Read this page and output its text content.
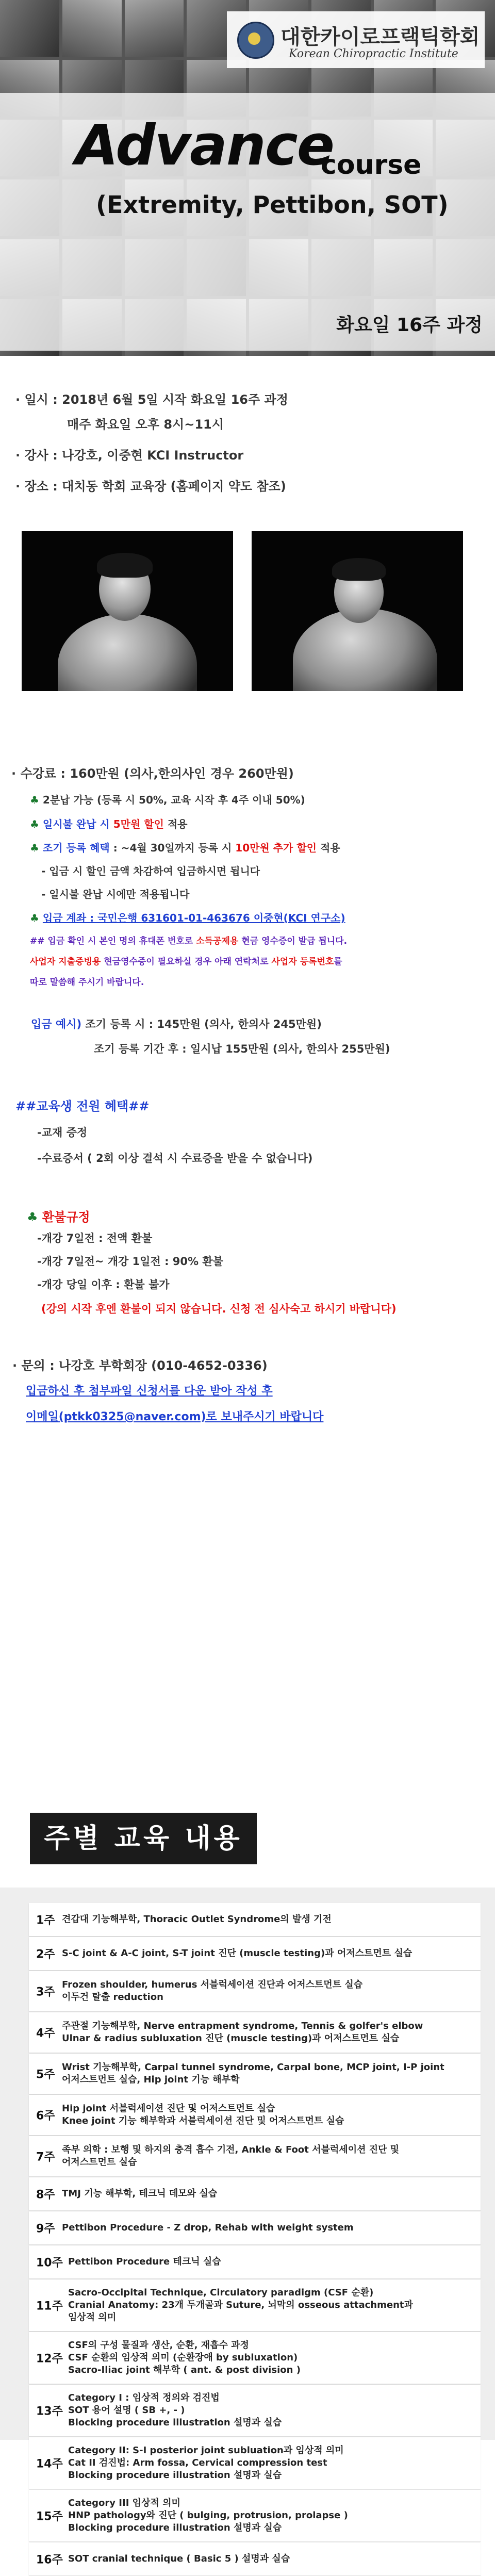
대한카이로프랙틱학회
Korean Chiropractic Institute
Advance
course
(Extremity, Pettibon, SOT)
화요일 16주 과정
· 일시 : 2018년 6월 5일 시작 화요일 16주 과정
매주 화요일 오후 8시~11시
· 강사 : 나강호, 이중현 KCI Instructor
· 장소 : 대치동 학회 교육장 (홈페이지 약도 참조)
· 수강료 : 160만원 (의사,한의사인 경우 260만원)
♣ 2분납 가능 (등록 시 50%, 교육 시작 후 4주 이내 50%)
♣ 일시불 완납 시 5만원 할인 적용
♣ 조기 등록 혜택 : ~4월 30일까지 등록 시 10만원 추가 할인 적용
- 입금 시 할인 금액 차감하여 입금하시면 됩니다
- 일시불 완납 시에만 적용됩니다
♣ 입금 계좌 : 국민은행 631601-01-463676 이중현(KCI 연구소)
## 입금 확인 시 본인 명의 휴대폰 번호로 소득공제용 현금 영수증이 발급 됩니다.
사업자 지출증빙용 현금영수증이 필요하실 경우 아래 연락처로 사업자 등록번호를
따로 말씀해 주시기 바랍니다.
입금 예시) 조기 등록 시 : 145만원 (의사, 한의사 245만원)
조기 등록 기간 후 : 일시납 155만원 (의사, 한의사 255만원)
##교육생 전원 혜택##
-교재 증정
-수료증서 ( 2회 이상 결석 시 수료증을 받을 수 없습니다)
♣ 환불규정
-개강 7일전 : 전액 환불
-개강 7일전~ 개강 1일전 : 90% 환불
-개강 당일 이후 : 환불 불가
(강의 시작 후엔 환불이 되지 않습니다. 신청 전 심사숙고 하시기 바랍니다)
· 문의 : 나강호 부학회장 (010-4652-0336)
입금하신 후 첨부파일 신청서를 다운 받아 작성 후
이메일(ptkk0325@naver.com)로 보내주시기 바랍니다
주별 교육 내용
1주 견갑대 기능해부학, Thoracic Outlet Syndrome의 발생 기전
2주 S-C joint & A-C joint, S-T joint 진단 (muscle testing)과 어저스트먼트 실습
3주
Frozen shoulder, humerus 서블럭세이션 진단과 어저스트먼트 실습
이두건 탈출 reduction
4주
주관절 기능해부학, Nerve entrapment syndrome, Tennis & golfer's elbow
Ulnar & radius subluxation 진단 (muscle testing)과 어저스트먼트 실습
5주
Wrist 기능해부학, Carpal tunnel syndrome, Carpal bone, MCP joint, I-P joint
어저스트먼트 실습, Hip joint 기능 해부학
6주
Hip joint 서블럭세이션 진단 및 어저스트먼트 실습
Knee joint 기능 해부학과 서블럭세이션 진단 및 어저스트먼트 실습
7주
족부 의학 : 보행 및 하지의 충격 흡수 기전, Ankle & Foot 서블럭세이션 진단 및
어저스트먼트 실습
8주 TMJ 기능 해부학, 테크닉 데모와 실습
9주 Pettibon Procedure - Z drop, Rehab with weight system
10주 Pettibon Procedure 테크닉 실습
11주
Sacro-Occipital Technique, Circulatory paradigm (CSF 순환)
Cranial Anatomy: 23개 두개골과 Suture, 뇌막의 osseous attachment과
임상적 의미
12주
CSF의 구성 물질과 생산, 순환, 재흡수 과정
CSF 순환의 임상적 의미 (순환장애 by subluxation)
Sacro-Iliac joint 해부학 ( ant. & post division )
13주
Category I : 임상적 정의와 검진법
SOT 용어 설명 ( SB +, - )
Blocking procedure illustration 설명과 실습
14주
Category II: S-I posterior joint subluation과 임상적 의미
Cat II 검진법: Arm fossa, Cervical compression test
Blocking procedure illustration 설명과 실습
15주
Category III 임상적 의미
HNP pathology와 진단 ( bulging, protrusion, prolapse )
Blocking procedure illustration 설명과 실습
16주 SOT cranial technique ( Basic 5 ) 설명과 실습
